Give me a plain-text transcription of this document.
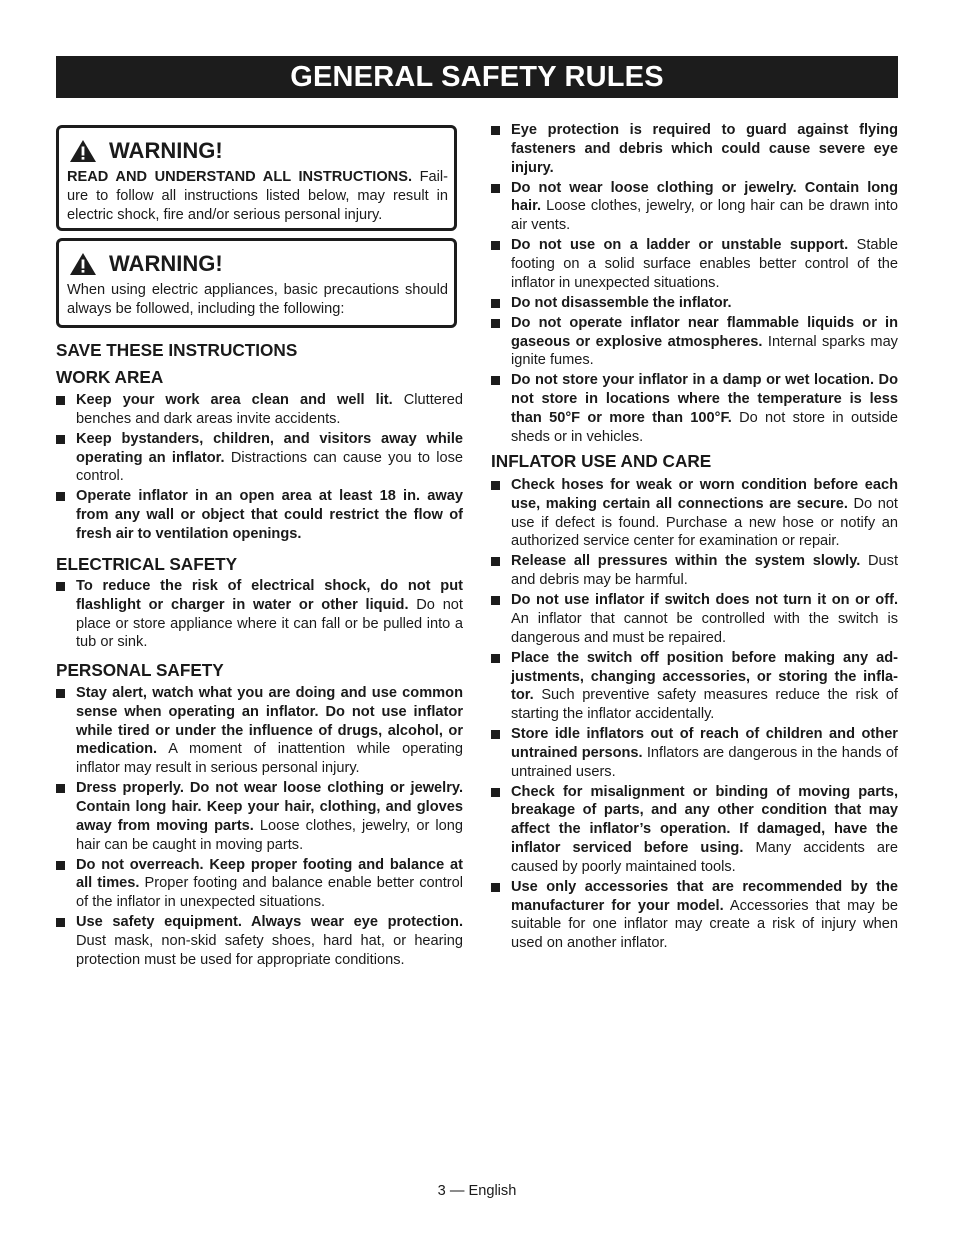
GENERAL SAFETY RULES
WARNING!
READ AND UNDERSTAND ALL INSTRUCTIONS. Fail-ure to follow all instructions listed below, may result in electric shock, fire and/or serious personal injury.
WARNING!
When using electric appliances, basic precautions should always be followed, including the following:
SAVE THESE INSTRUCTIONS
WORK AREA
Keep your work area clean and well lit. Cluttered benches and dark areas invite accidents.
Keep bystanders, children, and visitors away while operating an inflator. Distractions can cause you to lose control.
Operate inflator in an open area at least 18 in. away from any wall or object that could restrict the flow of fresh air to ventilation openings.
ELECTRICAL SAFETY
To reduce the risk of electrical shock, do not put flashlight or charger in water or other liquid. Do not place or store appliance where it can fall or be pulled into a tub or sink.
PERSONAL SAFETY
Stay alert, watch what you are doing and use common sense when operating an inflator. Do not use inflator while tired or under the influence of drugs, alcohol, or medication. A moment of inattention while operating inflator may result in serious personal injury.
Dress properly. Do not wear loose clothing or jewelry. Contain long hair. Keep your hair, clothing, and gloves away from moving parts. Loose clothes, jewelry, or long hair can be caught in moving parts.
Do not overreach. Keep proper footing and balance at all times. Proper footing and balance enable better control of the inflator in unexpected situations.
Use safety equipment. Always wear eye protection. Dust mask, non-skid safety shoes, hard hat, or hearing protection must be used for appropriate conditions.
Eye protection is required to guard against flying fasteners and debris which could cause severe eye injury.
Do not wear loose clothing or jewelry. Contain long hair. Loose clothes, jewelry, or long hair can be drawn into air vents.
Do not use on a ladder or unstable support. Stable footing on a solid surface enables better control of the inflator in unexpected situations.
Do not disassemble the inflator.
Do not operate inflator near flammable liquids or in gaseous or explosive atmospheres. Internal sparks may ignite fumes.
Do not store your inflator in a damp or wet location. Do not store in locations where the temperature is less than 50°F or more than 100°F. Do not store in outside sheds or in vehicles.
INFLATOR USE AND CARE
Check hoses for weak or worn condition before each use, making certain all connections are secure. Do not use if defect is found. Purchase a new hose or notify an authorized service center for examination or repair.
Release all pressures within the system slowly. Dust and debris may be harmful.
Do not use inflator if switch does not turn it on or off. An inflator that cannot be controlled with the switch is dangerous and must be repaired.
Place the switch off position before making any ad-justments, changing accessories, or storing the infla-tor. Such preventive safety measures reduce the risk of starting the inflator accidentally.
Store idle inflators out of reach of children and other untrained persons. Inflators are dangerous in the hands of untrained users.
Check for misalignment or binding of moving parts, breakage of parts, and any other condition that may affect the inflator’s operation. If damaged, have the inflator serviced before using. Many accidents are caused by poorly maintained tools.
Use only accessories that are recommended by the manufacturer for your model. Accessories that may be suitable for one inflator may create a risk of injury when used on another inflator.
3 — English
